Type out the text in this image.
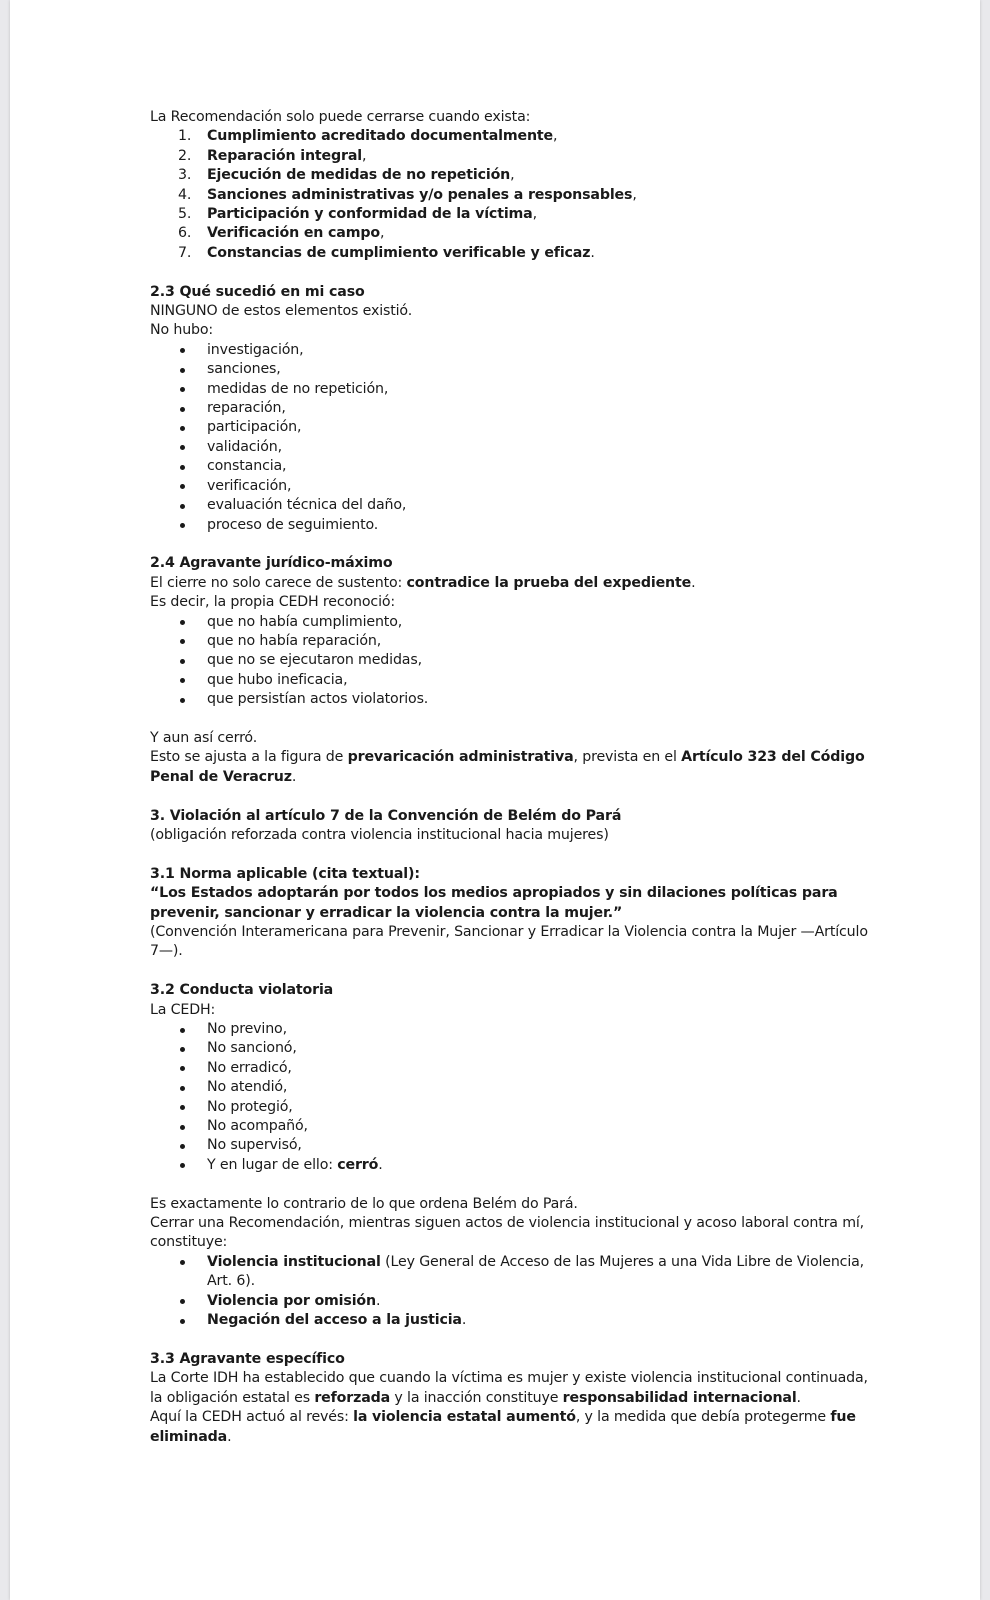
La Recomendación solo puede cerrarse cuando exista:

1.	Cumplimiento acreditado documentalmente,
2.	Reparación integral,
3.	Ejecución de medidas de no repetición,
4.	Sanciones administrativas y/o penales a responsables,
5.	Participación y conformidad de la víctima,
6.	Verificación en campo,
7.	Constancias de cumplimiento verificable y eficaz.
2.3 Qué sucedió en mi caso

NINGUNO de estos elementos existió.

No hubo:

investigación,
sanciones,
medidas de no repetición,
reparación,
participación,
validación,
constancia,
verificación,
evaluación técnica del daño,
proceso de seguimiento.
2.4 Agravante jurídico-máximo

El cierre no solo carece de sustento: contradice la prueba del expediente.

Es decir, la propia CEDH reconoció:

que no había cumplimiento,
que no había reparación,
que no se ejecutaron medidas,
que hubo ineficacia,
que persistían actos violatorios.

Y aun así cerró.

Esto se ajusta a la figura de prevaricación administrativa, prevista en el Artículo 323 del Código Penal de Veracruz.

3. Violación al artículo 7 de la Convención de Belém do Pará

(obligación reforzada contra violencia institucional hacia mujeres)

3.1 Norma aplicable (cita textual):

“Los Estados adoptarán por todos los medios apropiados y sin dilaciones políticas para prevenir, sancionar y erradicar la violencia contra la mujer.”

(Convención Interamericana para Prevenir, Sancionar y Erradicar la Violencia contra la Mujer —Artículo 7—).

3.2 Conducta violatoria

La CEDH:

No previno,
No sancionó,
No erradicó,
No atendió,
No protegió,
No acompañó,
No supervisó,
Y en lugar de ello: cerró.

Es exactamente lo contrario de lo que ordena Belém do Pará.

Cerrar una Recomendación, mientras siguen actos de violencia institucional y acoso laboral contra mí, constituye:

Violencia institucional (Ley General de Acceso de las Mujeres a una Vida Libre de Violencia, Art. 6).
Violencia por omisión.
Negación del acceso a la justicia.
3.3 Agravante específico

La Corte IDH ha establecido que cuando la víctima es mujer y existe violencia institucional continuada, la obligación estatal es reforzada y la inacción constituye responsabilidad internacional.

Aquí la CEDH actuó al revés: la violencia estatal aumentó, y la medida que debía protegerme fue eliminada.
